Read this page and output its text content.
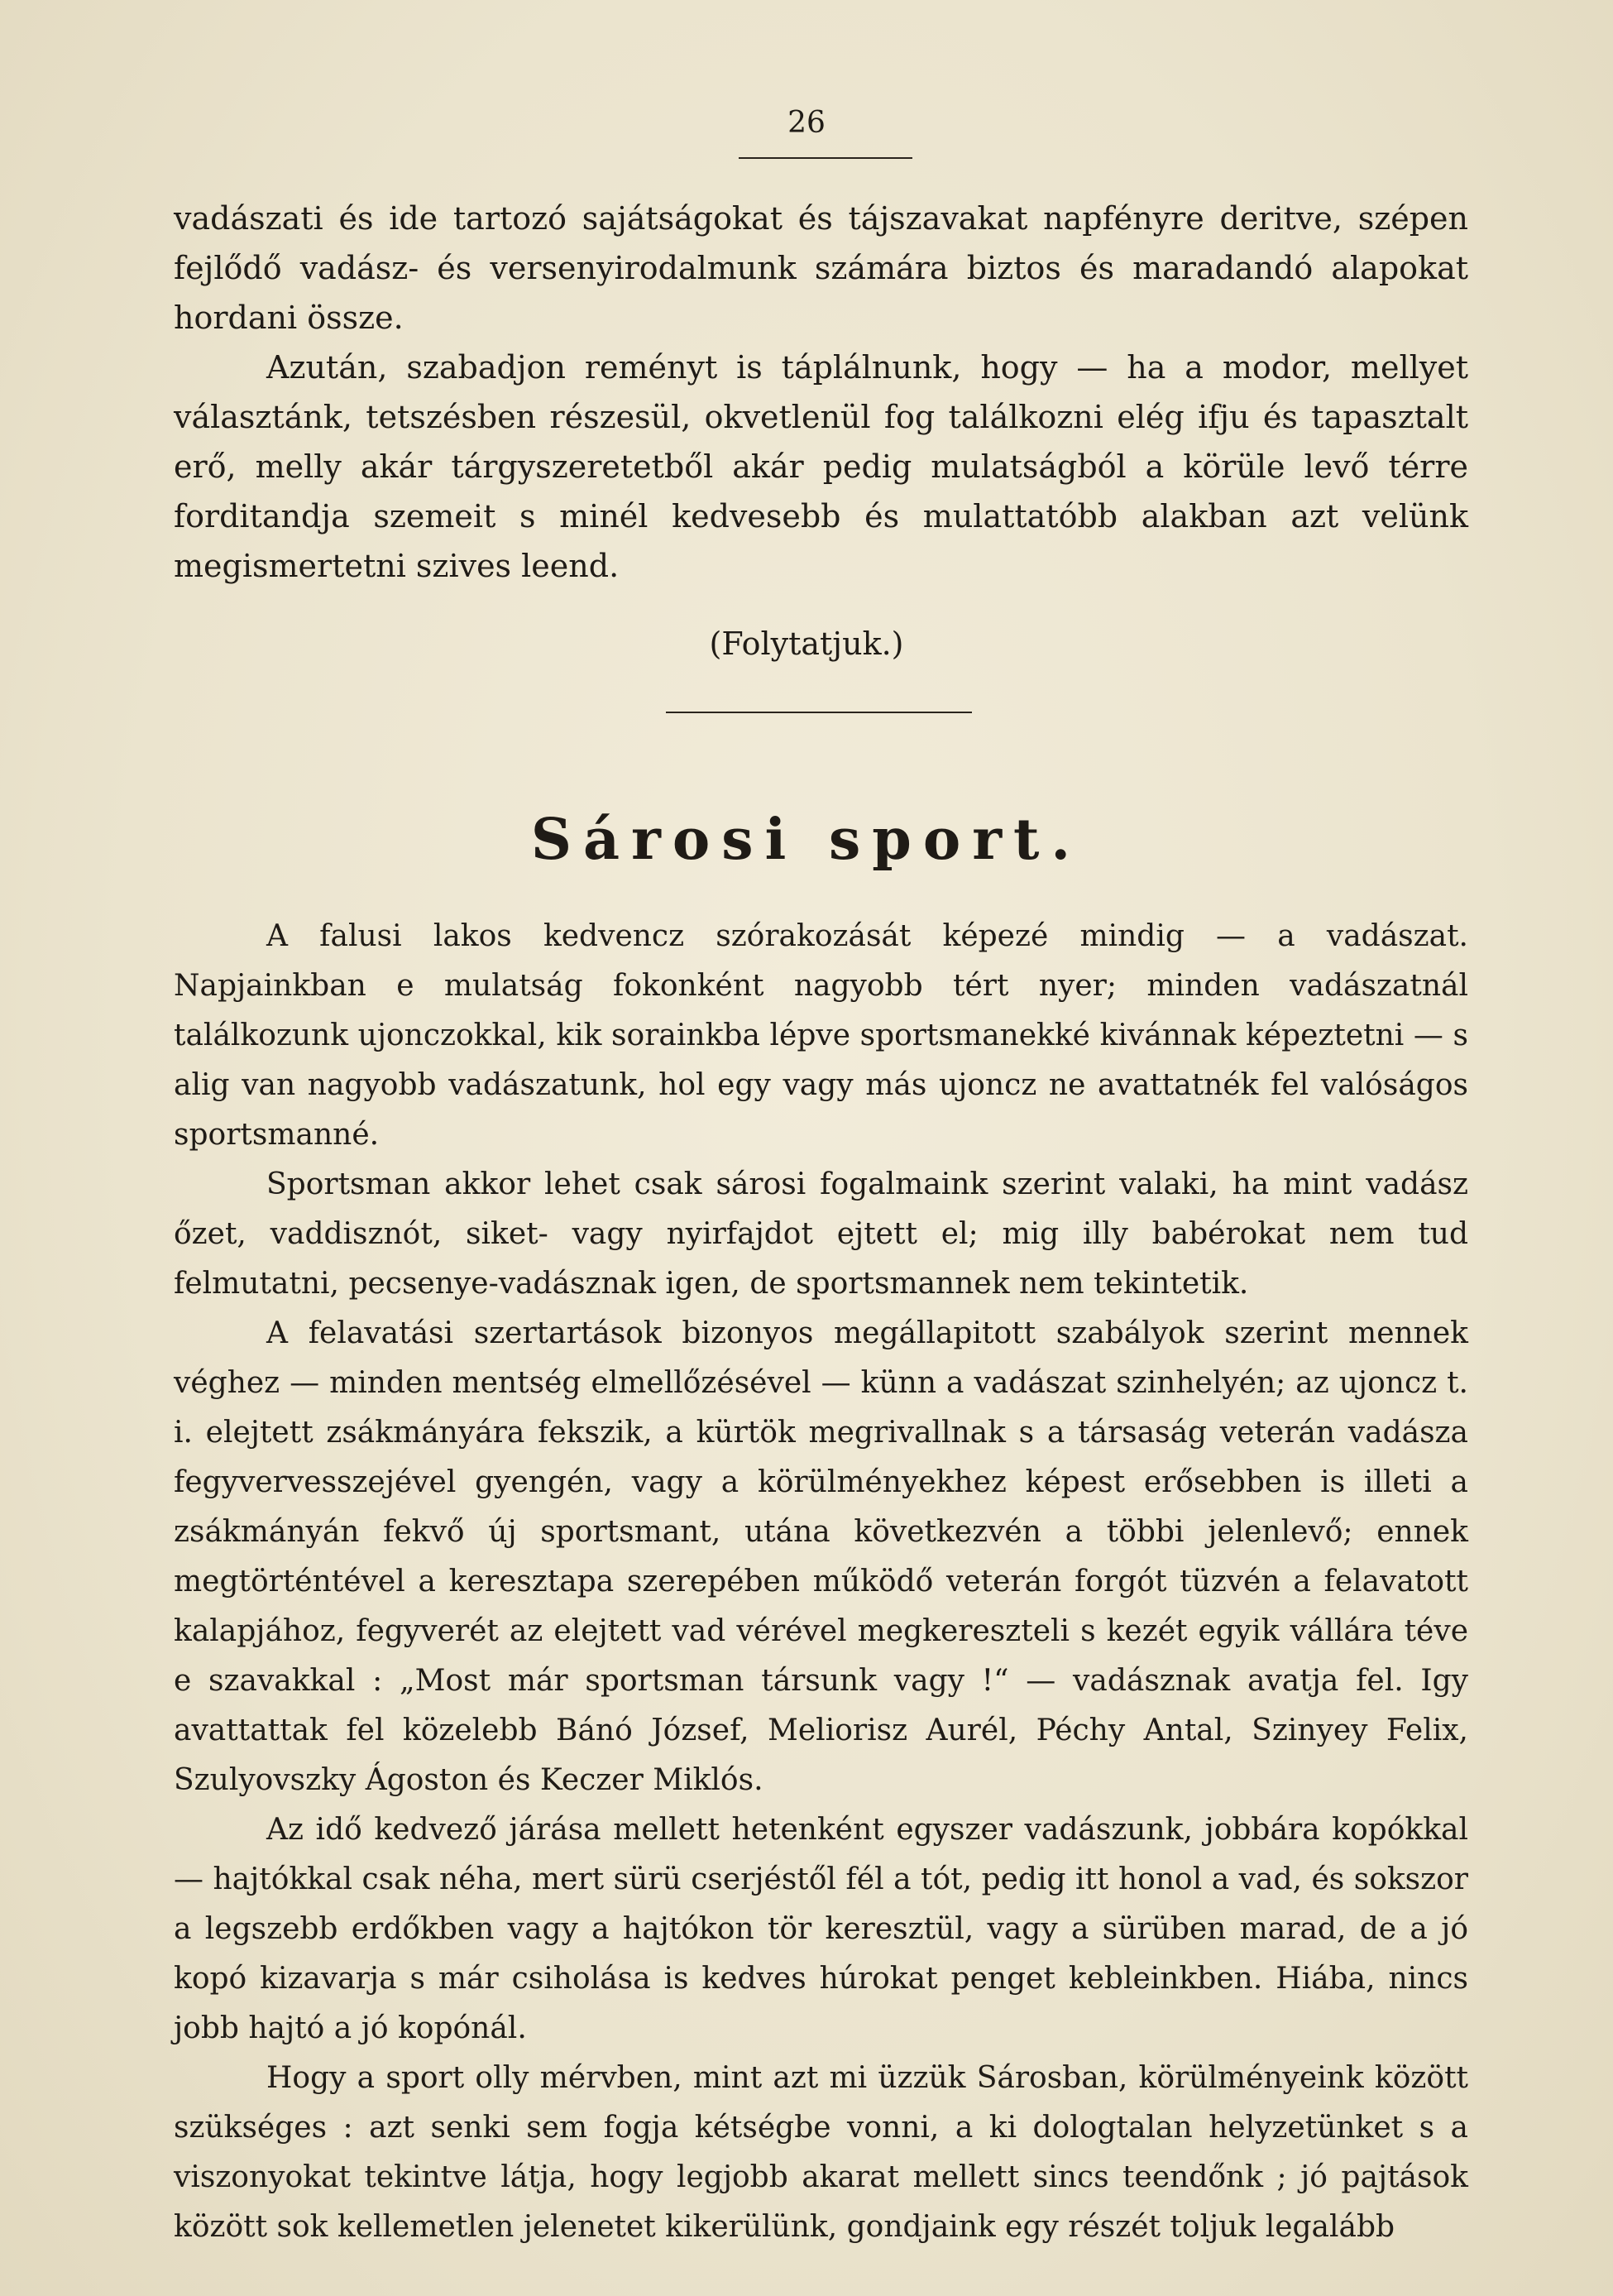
26

vadászati és ide tartozó sajátságokat és tájszavakat napfényre deritve, szépen fejlődő vadász- és versenyirodalmunk számára biztos és maradandó alapokat hordani össze.

Azután, szabadjon reményt is táplálnunk, hogy — ha a modor, mellyet választánk, tetszésben részesül, okvetlenül fog találkozni elég ifju és tapasztalt erő, melly akár tárgyszeretetből akár pedig mulatságból a körüle levő térre forditandja szemeit s minél kedvesebb és mulattatóbb alakban azt velünk megismertetni szives leend.

(Folytatjuk.)
Sárosi sport.

A falusi lakos kedvencz szórakozását képezé mindig — a vadászat. Napjainkban e mulatság fokonként nagyobb tért nyer; minden vadászatnál találkozunk ujonczokkal, kik sorainkba lépve sportsmanekké kivánnak képeztetni — s alig van nagyobb vadászatunk, hol egy vagy más ujoncz ne avattatnék fel valóságos sportsmanné.

Sportsman akkor lehet csak sárosi fogalmaink szerint valaki, ha mint vadász őzet, vaddisznót, siket- vagy nyirfajdot ejtett el; mig illy babérokat nem tud felmutatni, pecsenye-vadásznak igen, de sportsmannek nem tekintetik.

A felavatási szertartások bizonyos megállapitott szabályok szerint mennek véghez — minden mentség elmellőzésével — künn a vadászat szinhelyén; az ujoncz t. i. elejtett zsákmányára fekszik, a kürtök megrivallnak s a társaság veterán vadásza fegyvervesszejével gyengén, vagy a körülményekhez képest erősebben is illeti a zsákmányán fekvő új sportsmant, utána következvén a többi jelenlevő; ennek megtörténtével a keresztapa szerepében működő veterán forgót tüzvén a felavatott kalapjához, fegyverét az elejtett vad vérével megkereszteli s kezét egyik vállára téve e szavakkal : „Most már sportsman társunk vagy !“ — vadásznak avatja fel. Igy avattattak fel közelebb Bánó József, Meliorisz Aurél, Péchy Antal, Szinyey Felix, Szulyovszky Ágoston és Keczer Miklós.

Az idő kedvező járása mellett hetenként egyszer vadászunk, jobbára kopókkal — hajtókkal csak néha, mert sürü cserjéstől fél a tót, pedig itt honol a vad, és sokszor a legszebb erdőkben vagy a hajtókon tör keresztül, vagy a sürüben marad, de a jó kopó kizavarja s már csiholása is kedves húrokat penget kebleinkben. Hiába, nincs jobb hajtó a jó kopónál.

Hogy a sport olly mérvben, mint azt mi üzzük Sárosban, körülményeink között szükséges : azt senki sem fogja kétségbe vonni, a ki dologtalan helyzetünket s a viszonyokat tekintve látja, hogy legjobb akarat mellett sincs teendőnk ; jó pajtások között sok kellemetlen jelenetet kikerülünk, gondjaink egy részét toljuk legalább
